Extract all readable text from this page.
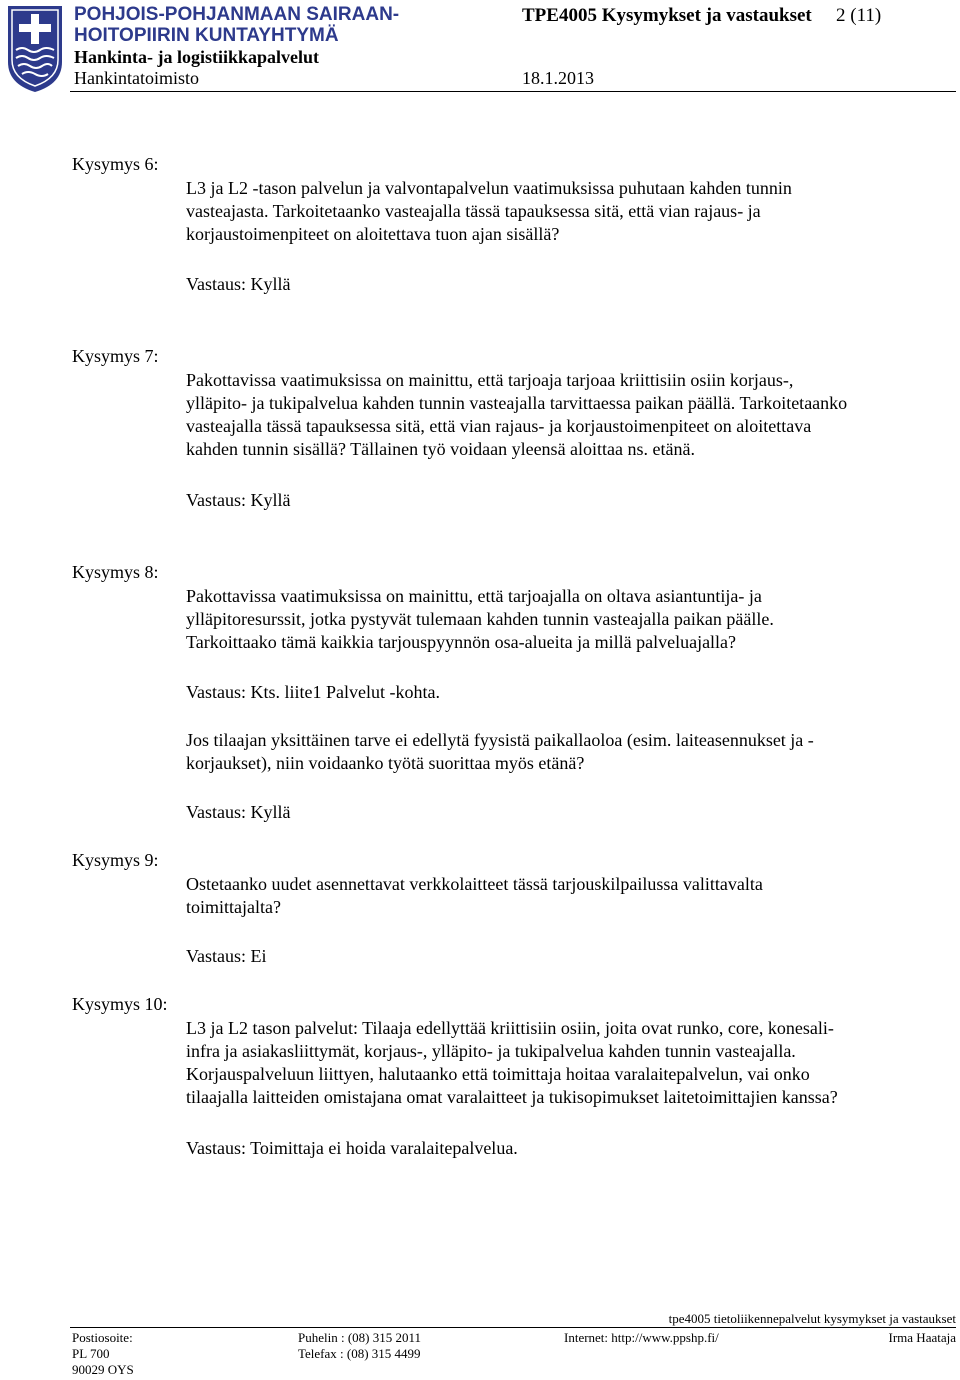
POHJOIS-POHJANMAAN SAIRAAN-
HOITOPIIRIN KUNTAYHTYMÄ
Hankinta- ja logistiikkapalvelut
Hankintatoimisto	18.1.2013
TPE4005 Kysymykset ja vastaukset 2 (11)
Kysymys 6:
L3 ja L2 -tason palvelun ja valvontapalvelun vaatimuksissa puhutaan kahden tunnin
vasteajasta. Tarkoitetaanko vasteajalla tässä tapauksessa sitä, että vian rajaus- ja
korjaustoimenpiteet on aloitettava tuon ajan sisällä?
Vastaus: Kyllä
Kysymys 7:
Pakottavissa vaatimuksissa on mainittu, että tarjoaja tarjoaa kriittisiin osiin korjaus-,
ylläpito- ja tukipalvelua kahden tunnin vasteajalla tarvittaessa paikan päällä. Tarkoitetaanko
vasteajalla tässä tapauksessa sitä, että vian rajaus- ja korjaustoimenpiteet on aloitettava
kahden tunnin sisällä? Tällainen työ voidaan yleensä aloittaa ns. etänä.
Vastaus: Kyllä
Kysymys 8:
Pakottavissa vaatimuksissa on mainittu, että tarjoajalla on oltava asiantuntija- ja
ylläpitoresurssit, jotka pystyvät tulemaan kahden tunnin vasteajalla paikan päälle.
Tarkoittaako tämä kaikkia tarjouspyynnön osa-alueita ja millä palveluajalla?
Vastaus: Kts. liite1 Palvelut -kohta.
Jos tilaajan yksittäinen tarve ei edellytä fyysistä paikallaoloa (esim. laiteasennukset ja -
korjaukset), niin voidaanko työtä suorittaa myös etänä?
Vastaus: Kyllä
Kysymys 9:
Ostetaanko uudet asennettavat verkkolaitteet tässä tarjouskilpailussa valittavalta
toimittajalta?
Vastaus: Ei
Kysymys 10:
L3 ja L2 tason palvelut: Tilaaja edellyttää kriittisiin osiin, joita ovat runko, core, konesali-
infra ja asiakasliittymät, korjaus-, ylläpito- ja tukipalvelua kahden tunnin vasteajalla.
Korjauspalveluun liittyen, halutaanko että toimittaja hoitaa varalaitepalvelun, vai onko
tilaajalla laitteiden omistajana omat varalaitteet ja tukisopimukset laitetoimittajien kanssa?
Vastaus: Toimittaja ei hoida varalaitepalvelua.
tpe4005 tietoliikennepalvelut kysymykset ja vastaukset
Postiosoite:
PL 700
90029 OYS
Puhelin : (08) 315 2011
Telefax : (08) 315 4499
Internet: http://www.ppshp.fi/	Irma Haataja
